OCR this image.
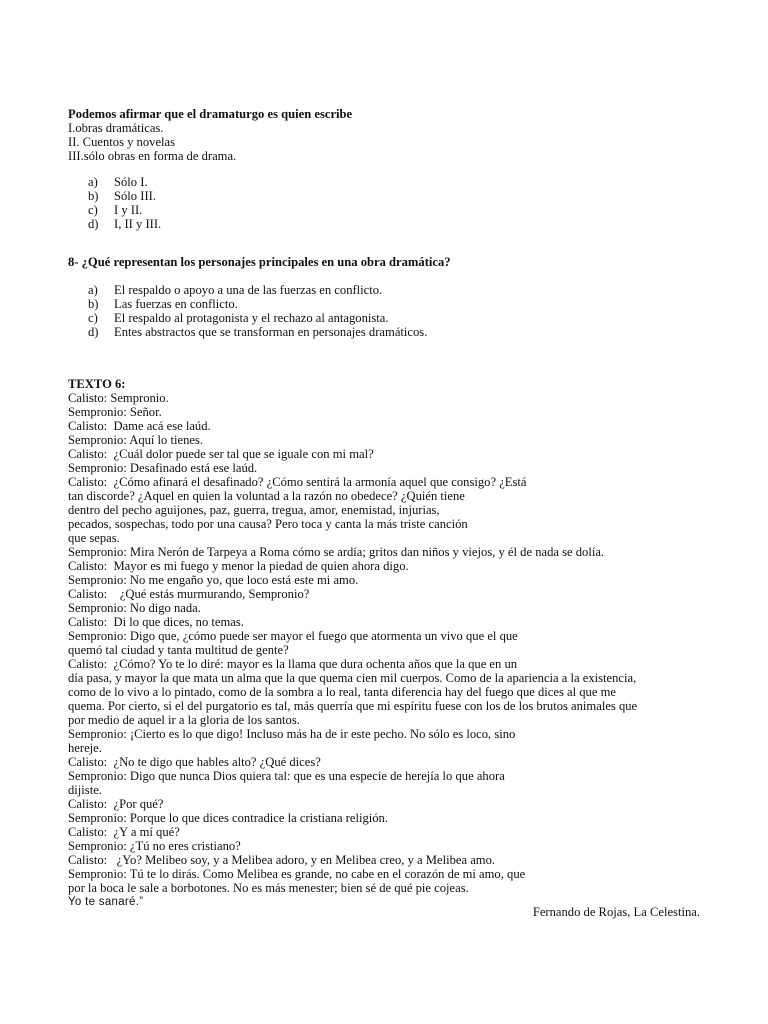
Podemos afirmar que el dramaturgo es quien escribe

I.obras dramáticas.

II. Cuentos y novelas

III.sólo obras en forma de drama.

a) Sólo I.

b) Sólo III.

c) I y II.

d) I, II y III.

8- ¿Qué representan los personajes principales en una obra dramática?

a) El respaldo o apoyo a una de las fuerzas en conflicto.

b) Las fuerzas en conflicto.

c) El respaldo al protagonista y el rechazo al antagonista.

d) Entes abstractos que se transforman en personajes dramáticos.

TEXTO 6:

Calisto: Sempronio.

Sempronio: Señor.

Calisto:  Dame acá ese laúd.

Sempronio: Aquí lo tienes.

Calisto:  ¿Cuál dolor puede ser tal que se iguale con mi mal?

Sempronio: Desafinado está ese laúd.

Calisto:  ¿Cómo afinará el desafinado? ¿Cómo sentirá la armonía aquel que consigo? ¿Está

tan discorde? ¿Aquel en quien la voluntad a la razón no obedece? ¿Quién tiene

dentro del pecho aguijones, paz, guerra, tregua, amor, enemistad, injurias,

pecados, sospechas, todo por una causa? Pero toca y canta la más triste canción

que sepas.

Sempronio: Mira Nerón de Tarpeya a Roma cómo se ardía; gritos dan niños y viejos, y él de nada se dolía.

Calisto:  Mayor es mi fuego y menor la piedad de quien ahora digo.

Sempronio: No me engaño yo, que loco está este mi amo.

Calisto:    ¿Qué estás murmurando, Sempronio?

Sempronio: No digo nada.

Calisto:  Di lo que dices, no temas.

Sempronio: Digo que, ¿cómo puede ser mayor el fuego que atormenta un vivo que el que

quemó tal ciudad y tanta multitud de gente?

Calisto:  ¿Cómo? Yo te lo diré: mayor es la llama que dura ochenta años que la que en un

día pasa, y mayor la que mata un alma que la que quema cien mil cuerpos. Como de la apariencia a la existencia,

como de lo vivo a lo pintado, como de la sombra a lo real, tanta diferencia hay del fuego que dices al que me

quema. Por cierto, si el del purgatorio es tal, más querría que mi espíritu fuese con los de los brutos animales que

por medio de aquel ir a la gloria de los santos.

Sempronio: ¡Cierto es lo que digo! Incluso más ha de ir este pecho. No sólo es loco, sino

hereje.

Calisto:  ¿No te digo que hables alto? ¿Qué dices?

Sempronio: Digo que nunca Dios quiera tal: que es una especie de herejía lo que ahora

dijiste.

Calisto:  ¿Por qué?

Sempronio: Porque lo que dices contradice la cristiana religión.

Calisto:  ¿Y a mí qué?

Sempronio: ¿Tú no eres cristiano?

Calisto:   ¿Yo? Melibeo soy, y a Melibea adoro, y en Melibea creo, y a Melibea amo.

Sempronio: Tú te lo dirás. Como Melibea es grande, no cabe en el corazón de mi amo, que

por la boca le sale a borbotones. No es más menester; bien sé de qué pie cojeas.

Yo te sanaré.”

Fernando de Rojas, La Celestina.
